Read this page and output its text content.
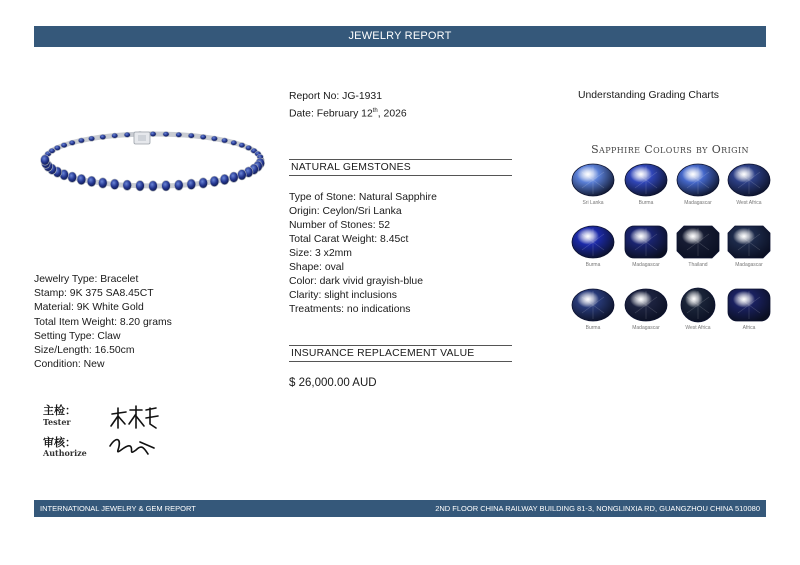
JEWELRY REPORT
Jewelry Type: Bracelet
Stamp: 9K 375 SA8.45CT
Material: 9K White Gold
Total Item Weight: 8.20 grams
Setting Type: Claw
Size/Length: 16.50cm
Condition: New
主检：
Tester
审核：
Authorize
Report No: JG-1931
Date: February 12th, 2026
NATURAL GEMSTONES
Type of Stone: Natural Sapphire
Origin: Ceylon/Sri Lanka
Number of Stones: 52
Total Carat Weight: 8.45ct
Size: 3 x2mm
Shape: oval
Color: dark vivid grayish-blue
Clarity: slight inclusions
Treatments: no indications
INSURANCE REPLACEMENT VALUE
$ 26,000.00 AUD
Understanding Grading Charts
Sapphire Colours by Origin
Sri Lanka	Burma	Madagascar	West Africa
Burma	Madagascar	Thailand	Madagascar
Burma	Madagascar	West Africa	Africa
INTERNATIONAL JEWELRY & GEM REPORT	2ND FLOOR CHINA RAILWAY BUILDING 81-3, NONGLINXIA RD, GUANGZHOU CHINA 510080
